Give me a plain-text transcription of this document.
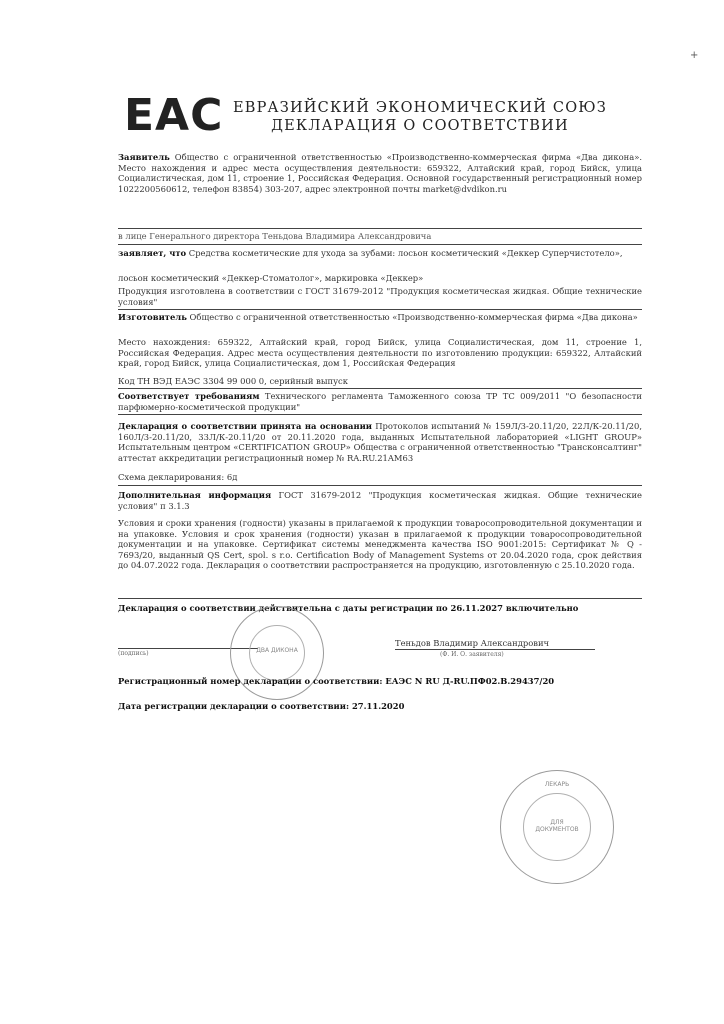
+
EAC ЕВРАЗИЙСКИЙ ЭКОНОМИЧЕСКИЙ СОЮЗ
ДЕКЛАРАЦИЯ О СООТВЕТСТВИИ
Заявитель Общество с ограниченной ответственностью «Производственно-коммерческая фирма «Два дикона». Место нахождения и адрес места осуществления деятельности: 659322, Алтайский край, город Бийск, улица Социалистическая, дом 11, строение 1, Российская Федерация. Основной государственный регистрационный номер 1022200560612, телефон 83854) 303-207, адрес электронной почты market@dvdikon.ru
в лице Генерального директора Теньдова Владимира Александровича
заявляет, что Средства косметические для ухода за зубами: лосьон косметический «Деккер Суперчистотело»,
лосьон косметический «Деккер-Стоматолог», маркировка «Деккер»
Продукция изготовлена в соответствии с ГОСТ 31679-2012 "Продукция косметическая жидкая. Общие технические условия"
Изготовитель Общество с ограниченной ответственностью «Производственно-коммерческая фирма «Два дикона»
Место нахождения: 659322, Алтайский край, город Бийск, улица Социалистическая, дом 11, строение 1, Российская Федерация. Адрес места осуществления деятельности по изготовлению продукции: 659322, Алтайский край, город Бийск, улица Социалистическая, дом 1, Российская Федерация
Код ТН ВЭД ЕАЭС 3304 99 000 0, серийный выпуск
Соответствует требованиям Технического регламента Таможенного союза ТР ТС 009/2011 "О безопасности парфюмерно-косметической продукции"
Декларация о соответствии принята на основании Протоколов испытаний № 159Л/3-20.11/20, 22Л/К-20.11/20, 160Л/3-20.11/20, 33Л/К-20.11/20 от 20.11.2020 года, выданных Испытательной лабораторией «LIGHT GROUP» Испытательным центром «CERTIFICATION GROUP» Общества с ограниченной ответственностью "Трансконсалтинг" аттестат аккредитации регистрационный номер № RA.RU.21AM63
Схема декларирования: 6д
Дополнительная информация ГОСТ 31679-2012 "Продукция косметическая жидкая. Общие технические условия" п 3.1.3
Условия и сроки хранения (годности) указаны в прилагаемой к продукции товаросопроводительной документации и на упаковке. Условия и срок хранения (годности) указан в прилагаемой к продукции товаросопроводительной документации и на упаковке. Сертификат системы менеджмента качества ISO 9001:2015: Сертификат № Q - 7693/20, выданный QS Cert, spol. s r.o. Certification Body of Management Systems от 20.04.2020 года, срок действия до 04.07.2022 года. Декларация о соответствии распространяется на продукцию, изготовленную с 25.10.2020 года.
Декларация о соответствии действительна с даты регистрации по 26.11.2027 включительно
(подпись)
Теньдов Владимир Александрович
(Ф. И. О. заявителя)
ДВА ДИКОНА
Регистрационный номер декларации о соответствии: ЕАЭС N RU Д-RU.ПФ02.В.29437/20
Дата регистрации декларации о соответствии: 27.11.2020
ЛЕКАРЬ
ДЛЯ ДОКУМЕНТОВ
